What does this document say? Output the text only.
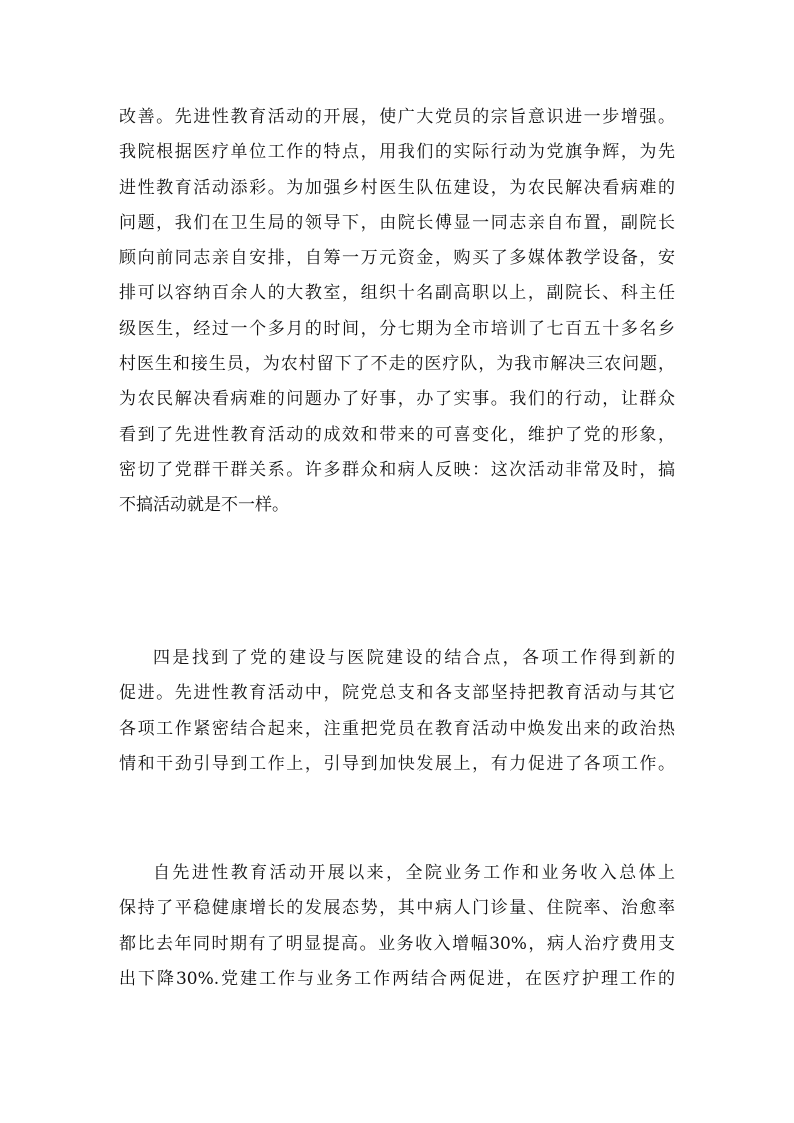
改善。先进性教育活动的开展，使广大党员的宗旨意识进一步增强。
我院根据医疗单位工作的特点，用我们的实际行动为党旗争辉，为先
进性教育活动添彩。为加强乡村医生队伍建设，为农民解决看病难的
问题，我们在卫生局的领导下，由院长傅显一同志亲自布置，副院长
顾向前同志亲自安排，自筹一万元资金，购买了多媒体教学设备，安
排可以容纳百余人的大教室，组织十名副高职以上，副院长、科主任
级医生，经过一个多月的时间，分七期为全市培训了七百五十多名乡
村医生和接生员，为农村留下了不走的医疗队，为我市解决三农问题，
为农民解决看病难的问题办了好事，办了实事。我们的行动，让群众
看到了先进性教育活动的成效和带来的可喜变化，维护了党的形象，
密切了党群干群关系。许多群众和病人反映：这次活动非常及时，搞
不搞活动就是不一样。
四是找到了党的建设与医院建设的结合点，各项工作得到新的
促进。先进性教育活动中，院党总支和各支部坚持把教育活动与其它
各项工作紧密结合起来，注重把党员在教育活动中焕发出来的政治热
情和干劲引导到工作上，引导到加快发展上，有力促进了各项工作。
自先进性教育活动开展以来，全院业务工作和业务收入总体上
保持了平稳健康增长的发展态势，其中病人门诊量、住院率、治愈率
都比去年同时期有了明显提高。业务收入增幅30%，病人治疗费用支
出下降30%.党建工作与业务工作两结合两促进，在医疗护理工作的
